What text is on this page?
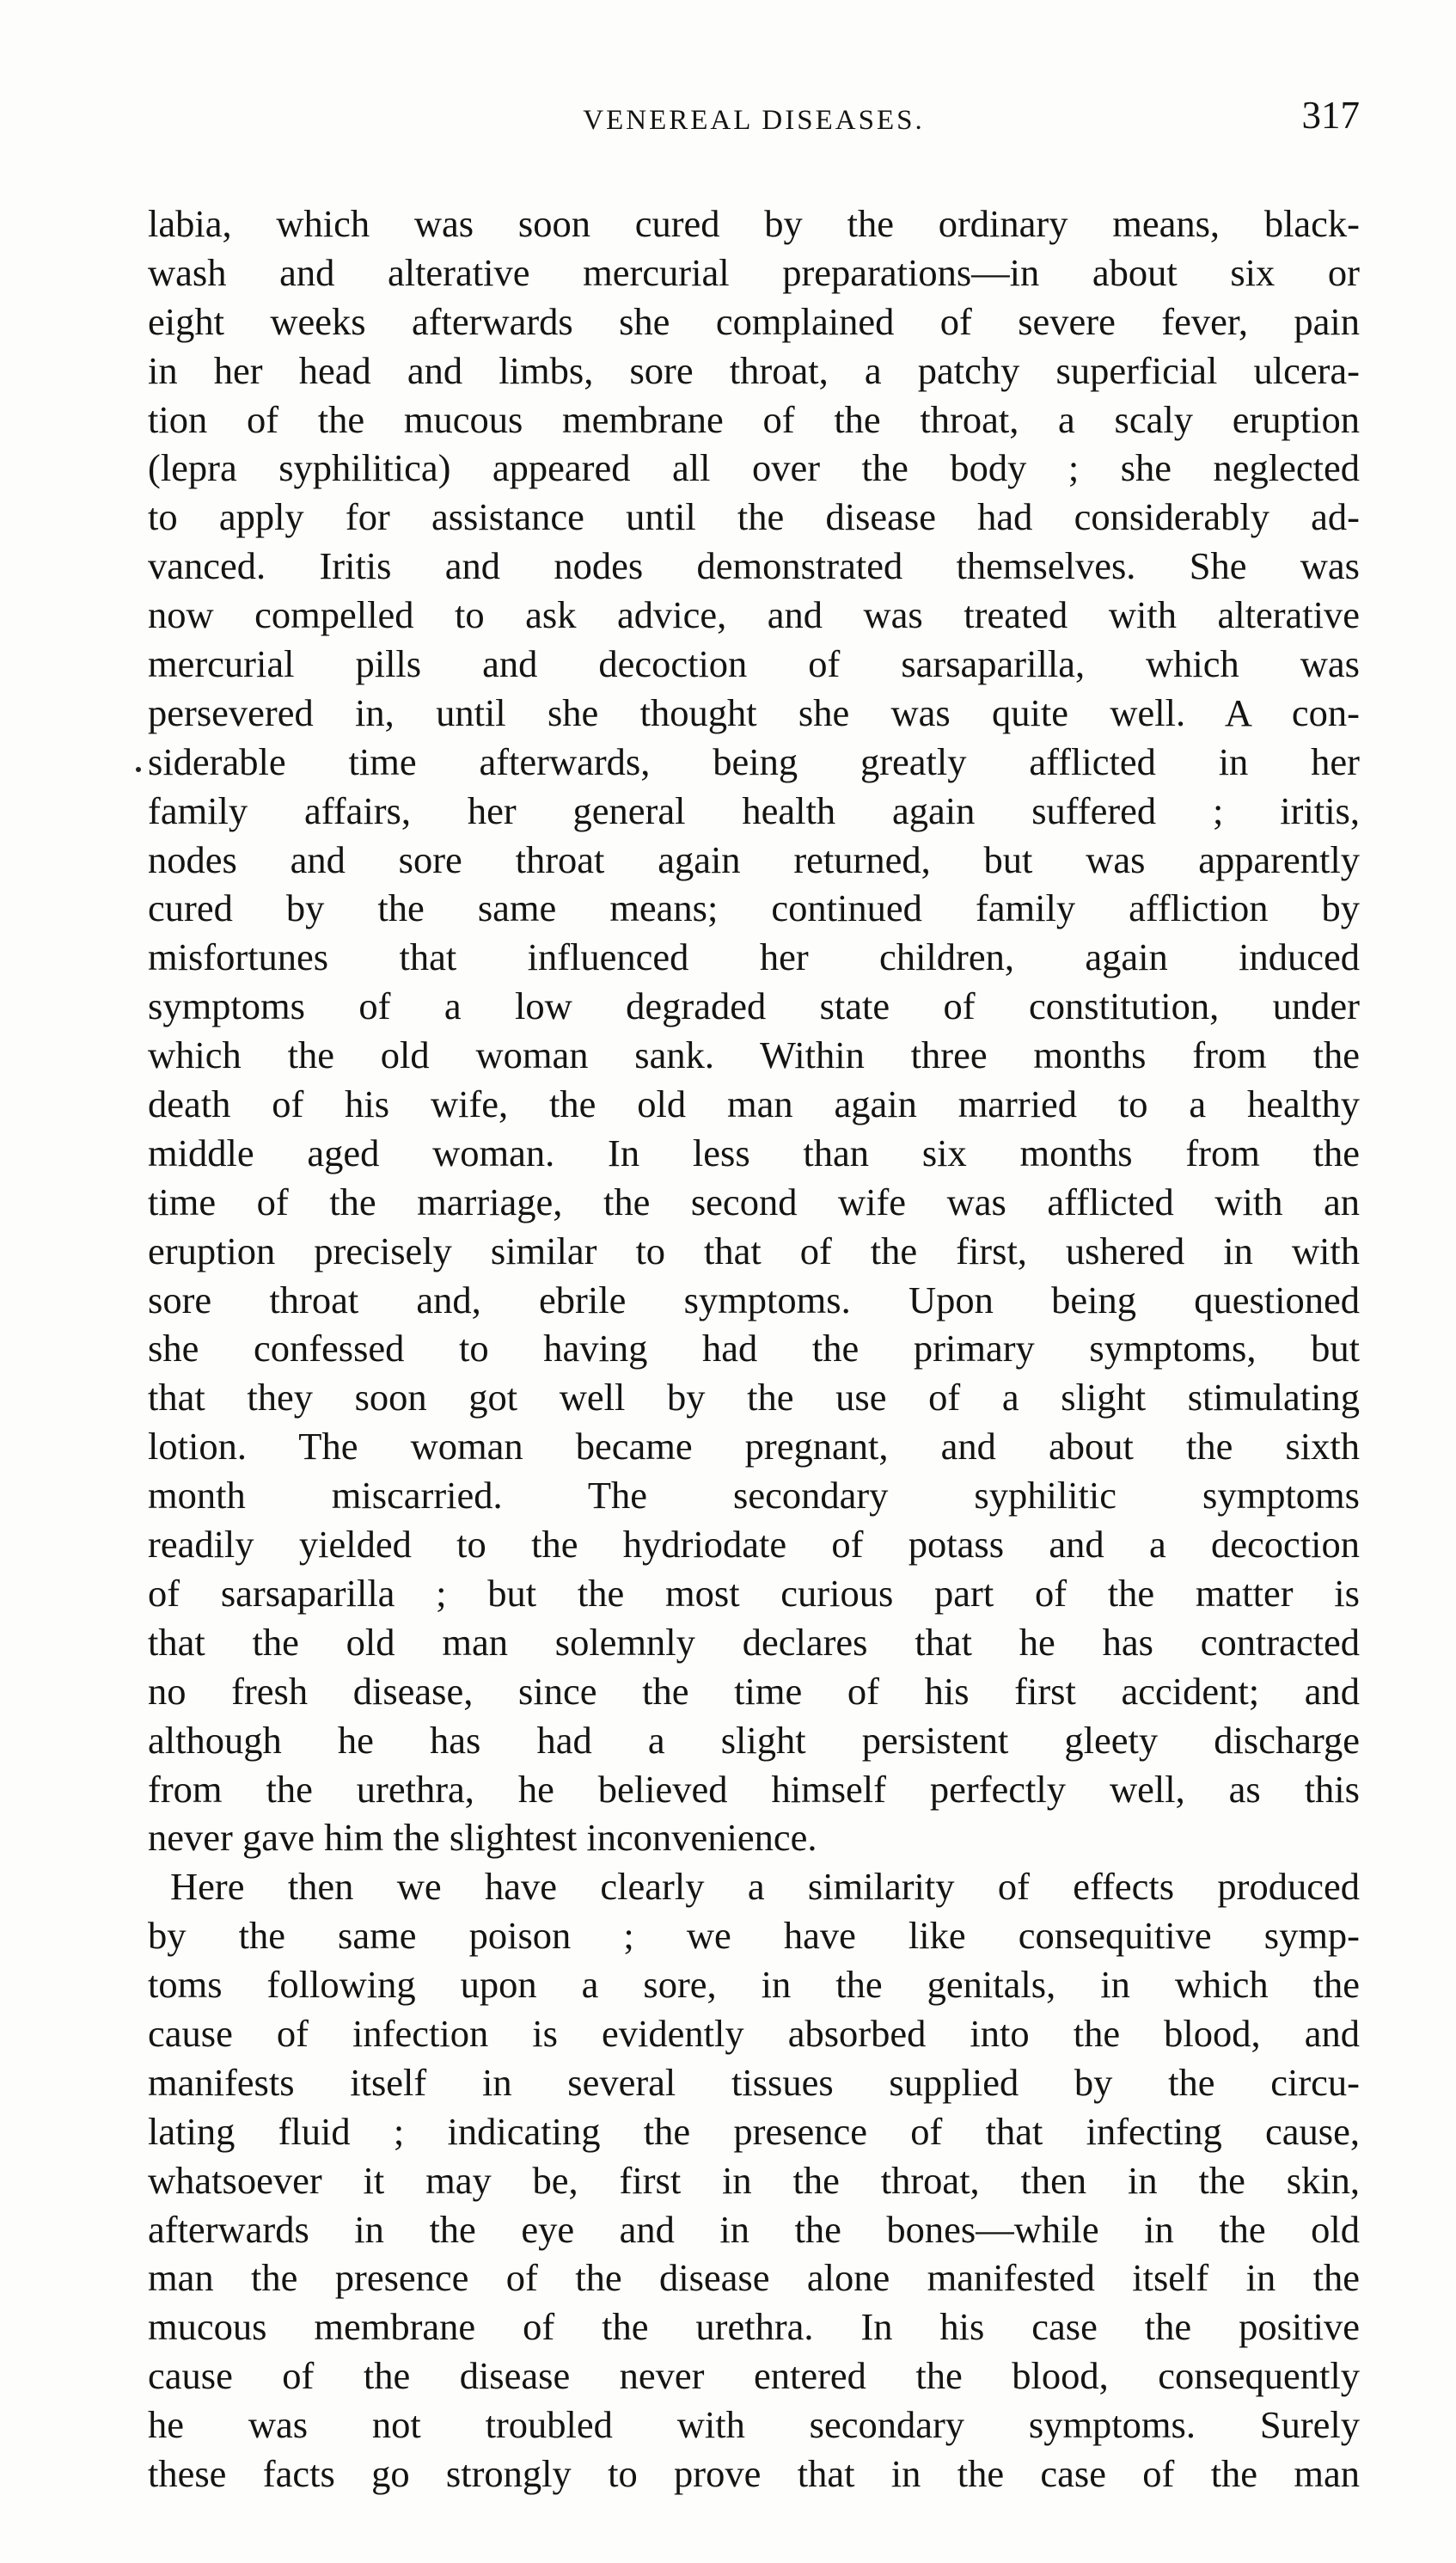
VENEREAL DISEASES.	317
labia, which was soon cured by the ordinary means, black-
wash and alterative mercurial preparations—in about six or
eight weeks afterwards she complained of severe fever, pain
in her head and limbs, sore throat, a patchy superficial ulcera-
tion of the mucous membrane of the throat, a scaly eruption
(lepra syphilitica) appeared all over the body ; she neglected
to apply for assistance until the disease had considerably ad-
vanced. Iritis and nodes demonstrated themselves. She was
now compelled to ask advice, and was treated with alterative
mercurial pills and decoction of sarsaparilla, which was
persevered in, until she thought she was quite well. A con-
siderable time afterwards, being greatly afflicted in her
family affairs, her general health again suffered ; iritis,
nodes and sore throat again returned, but was apparently
cured by the same means; continued family affliction by
misfortunes that influenced her children, again induced
symptoms of a low degraded state of constitution, under
which the old woman sank. Within three months from the
death of his wife, the old man again married to a healthy
middle aged woman. In less than six months from the
time of the marriage, the second wife was afflicted with an
eruption precisely similar to that of the first, ushered in with
sore throat and, ebrile symptoms. Upon being questioned
she confessed to having had the primary symptoms, but
that they soon got well by the use of a slight stimulating
lotion. The woman became pregnant, and about the sixth
month miscarried. The secondary syphilitic symptoms
readily yielded to the hydriodate of potass and a decoction
of sarsaparilla ; but the most curious part of the matter is
that the old man solemnly declares that he has contracted
no fresh disease, since the time of his first accident; and
although he has had a slight persistent gleety discharge
from the urethra, he believed himself perfectly well, as this
never gave him the slightest inconvenience.
Here then we have clearly a similarity of effects produced
by the same poison ; we have like consequitive symp-
toms following upon a sore, in the genitals, in which the
cause of infection is evidently absorbed into the blood, and
manifests itself in several tissues supplied by the circu-
lating fluid ; indicating the presence of that infecting cause,
whatsoever it may be, first in the throat, then in the skin,
afterwards in the eye and in the bones—while in the old
man the presence of the disease alone manifested itself in the
mucous membrane of the urethra. In his case the positive
cause of the disease never entered the blood, consequently
he was not troubled with secondary symptoms. Surely
these facts go strongly to prove that in the case of the man
